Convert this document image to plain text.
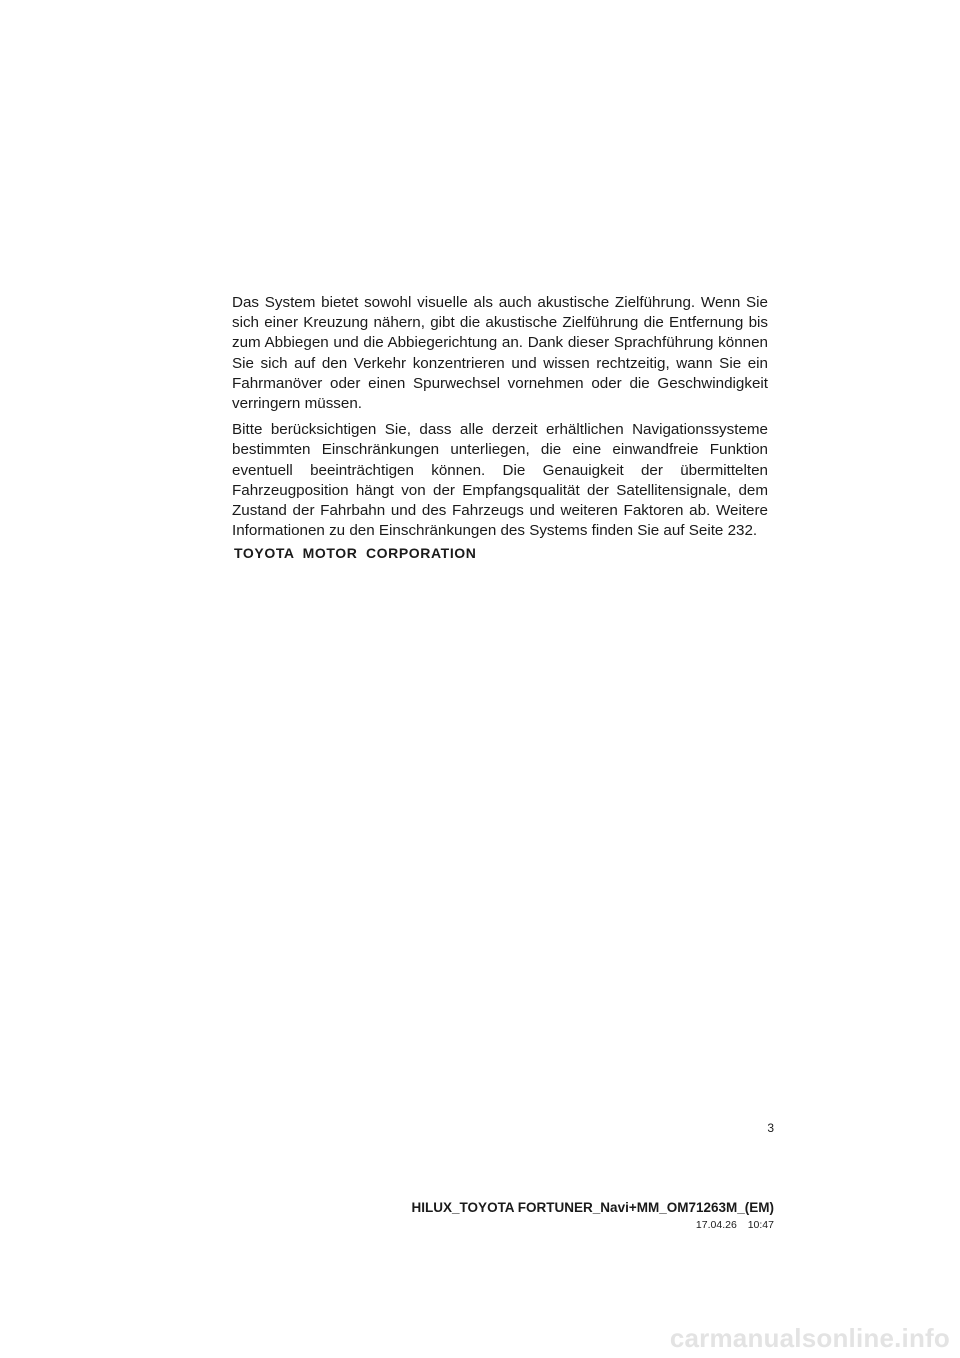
Das System bietet sowohl visuelle als auch akustische Zielführung. Wenn Sie sich einer Kreuzung nähern, gibt die akustische Zielführung die Entfernung bis zum Abbiegen und die Abbiegerichtung an. Dank dieser Sprachführung können Sie sich auf den Verkehr konzentrieren und wissen rechtzeitig, wann Sie ein Fahrmanöver oder einen Spurwechsel vornehmen oder die Geschwindigkeit verringern müssen.

Bitte berücksichtigen Sie, dass alle derzeit erhältlichen Navigationssysteme bestimmten Einschränkungen unterliegen, die eine einwandfreie Funktion eventuell beeinträchtigen können. Die Genauigkeit der übermittelten Fahrzeugposition hängt von der Empfangsqualität der Satellitensignale, dem Zustand der Fahrbahn und des Fahrzeugs und weiteren Faktoren ab. Weitere Informationen zu den Einschränkungen des Systems finden Sie auf Seite 232.

TOYOTA MOTOR CORPORATION
3
HILUX_TOYOTA FORTUNER_Navi+MM_OM71263M_(EM)
17.04.26 10:47
carmanualsonline.info
